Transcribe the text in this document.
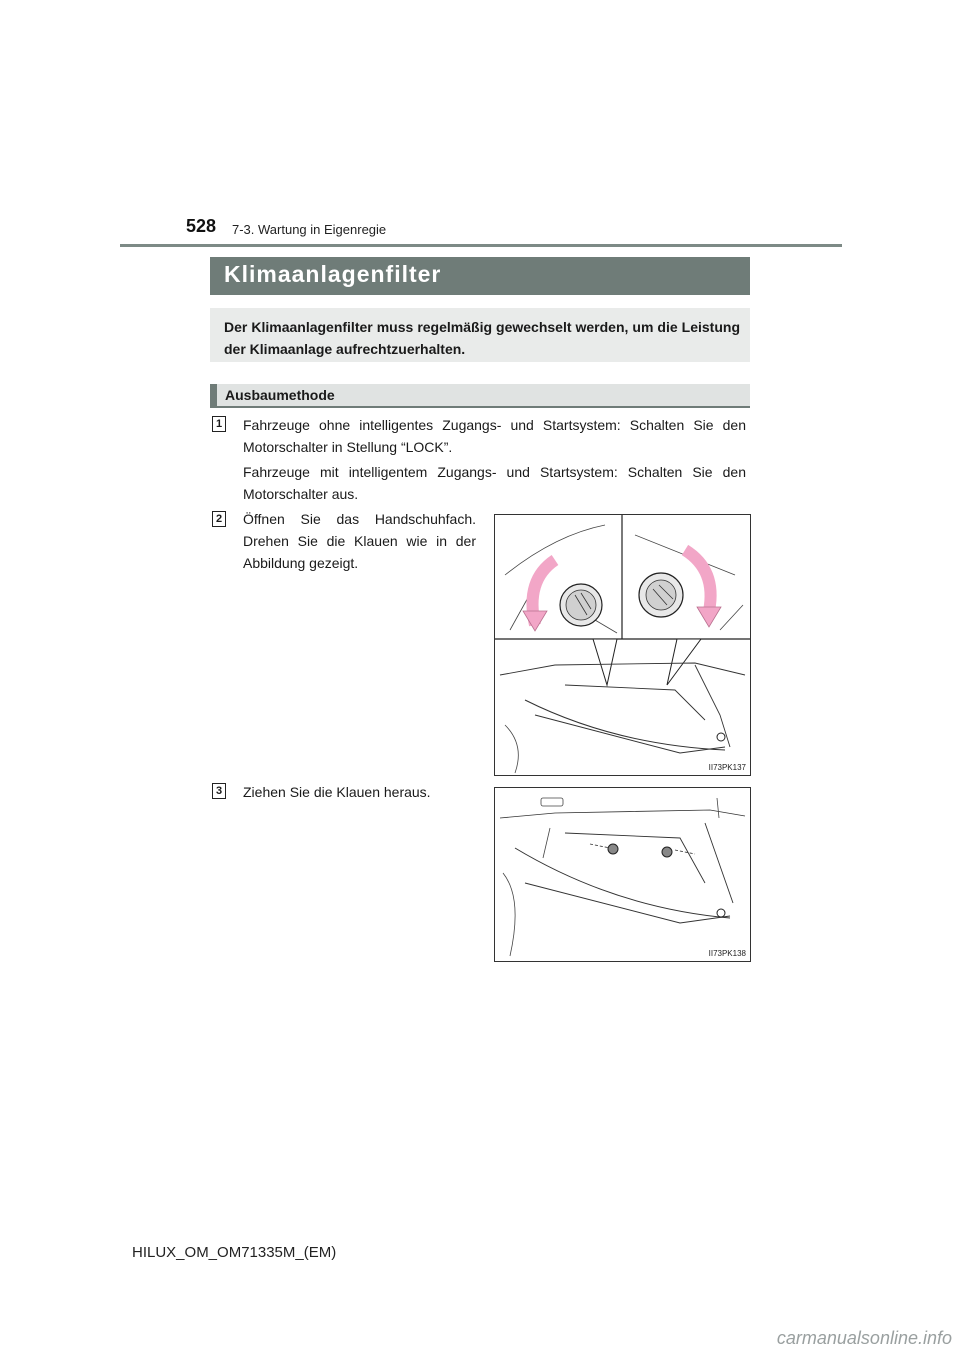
528 7-3. Wartung in Eigenregie
Klimaanlagenfilter
Der Klimaanlagenfilter muss regelmäßig gewechselt werden, um die Leistung der Klimaanlage aufrechtzuerhalten.
Ausbaumethode
1 Fahrzeuge ohne intelligentes Zugangs- und Startsystem: Schalten Sie den Motorschalter in Stellung “LOCK”.
Fahrzeuge mit intelligentem Zugangs- und Startsystem: Schalten Sie den Motorschalter aus.
2 Öffnen Sie das Handschuhfach. Drehen Sie die Klauen wie in der Abbildung gezeigt.
II73PK137
3 Ziehen Sie die Klauen heraus.
II73PK138
HILUX_OM_OM71335M_(EM)
carmanualsonline.info
